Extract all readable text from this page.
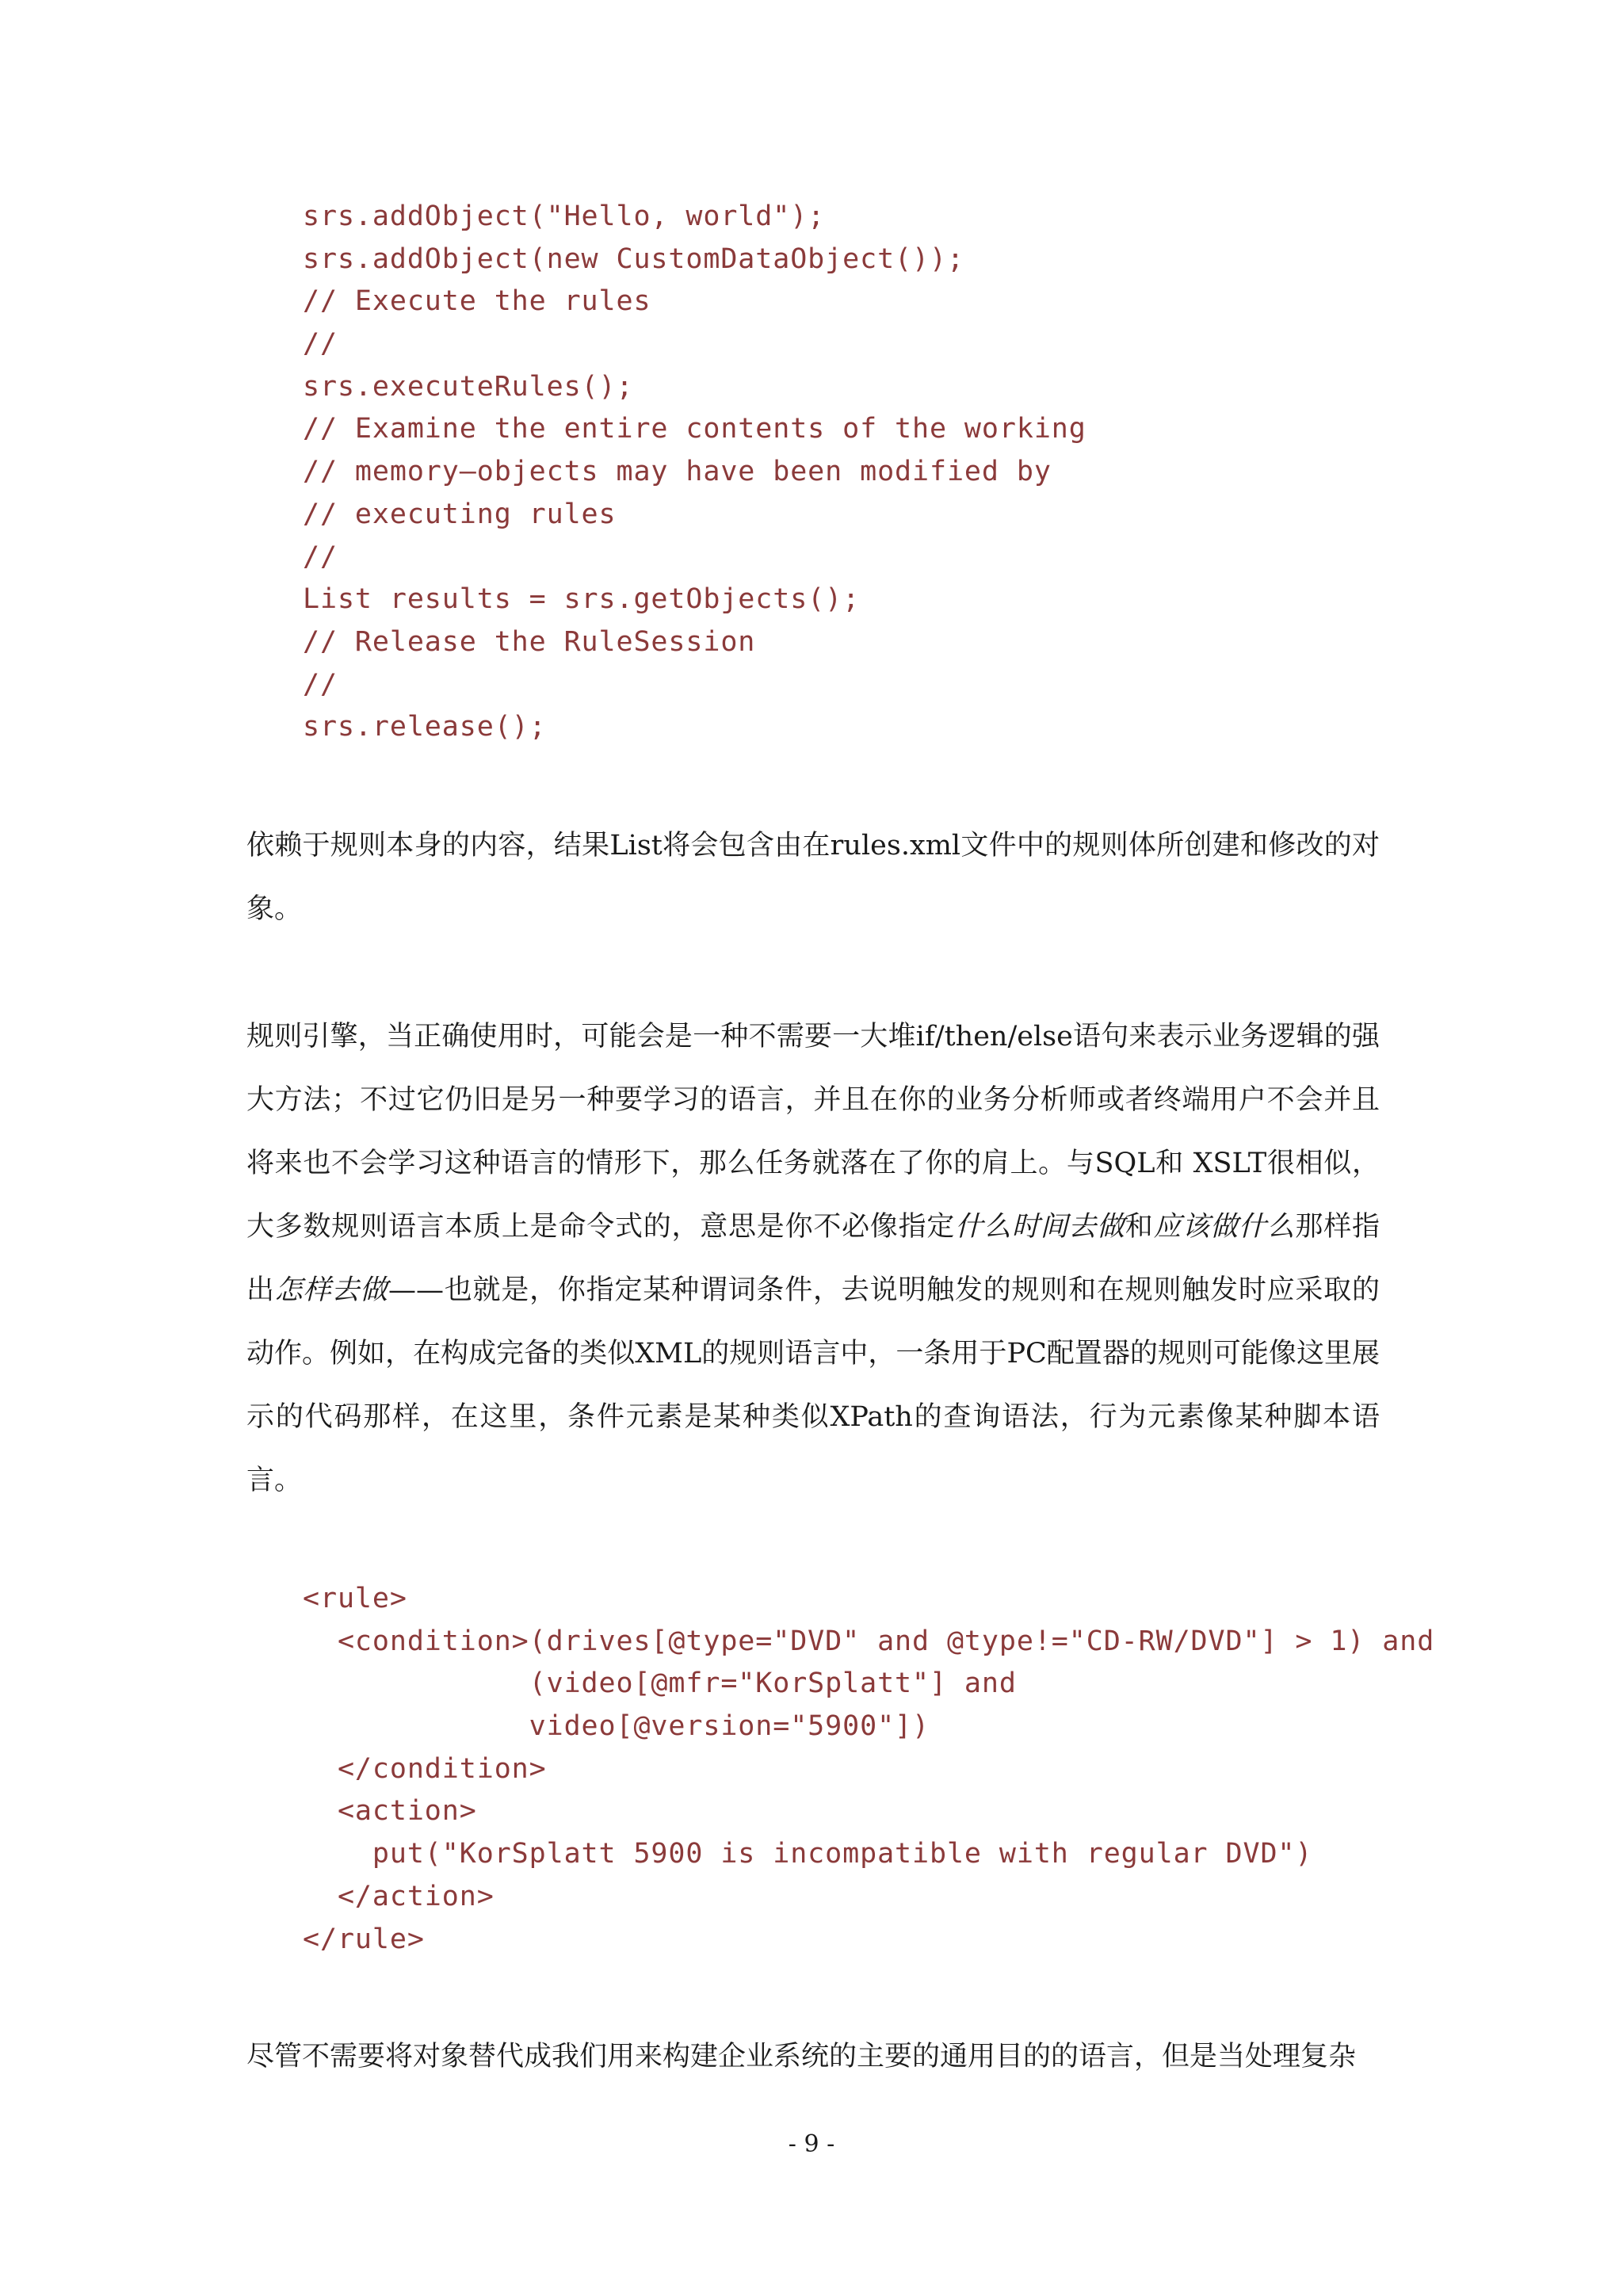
srs.addObject("Hello, world");
srs.addObject(new CustomDataObject());
// Execute the rules
//
srs.executeRules();
// Examine the entire contents of the working
// memory—objects may have been modified by
// executing rules
//
List results = srs.getObjects();
// Release the RuleSession
//
srs.release();

依赖于规则本身的内容，结果List将会包含由在rules.xml文件中的规则体所创建和修改的对象。

规则引擎，当正确使用时，可能会是一种不需要一大堆if/then/else语句来表示业务逻辑的强大方法；不过它仍旧是另一种要学习的语言，并且在你的业务分析师或者终端用户不会并且将来也不会学习这种语言的情形下，那么任务就落在了你的肩上。与SQL和 XSLT很相似，大多数规则语言本质上是命令式的，意思是你不必像指定什么时间去做和应该做什么那样指出怎样去做——也就是，你指定某种谓词条件，去说明触发的规则和在规则触发时应采取的动作。例如，在构成完备的类似XML的规则语言中，一条用于PC配置器的规则可能像这里展示的代码那样，在这里，条件元素是某种类似XPath的查询语法，行为元素像某种脚本语言。

<rule>
<condition>(drives[@type="DVD" and @type!="CD-RW/DVD"] > 1) and
(video[@mfr="KorSplatt"] and
video[@version="5900"])
</condition>
<action>
put("KorSplatt 5900 is incompatible with regular DVD")
</action>
</rule>

尽管不需要将对象替代成我们用来构建企业系统的主要的通用目的的语言，但是当处理复杂

- 9 -
